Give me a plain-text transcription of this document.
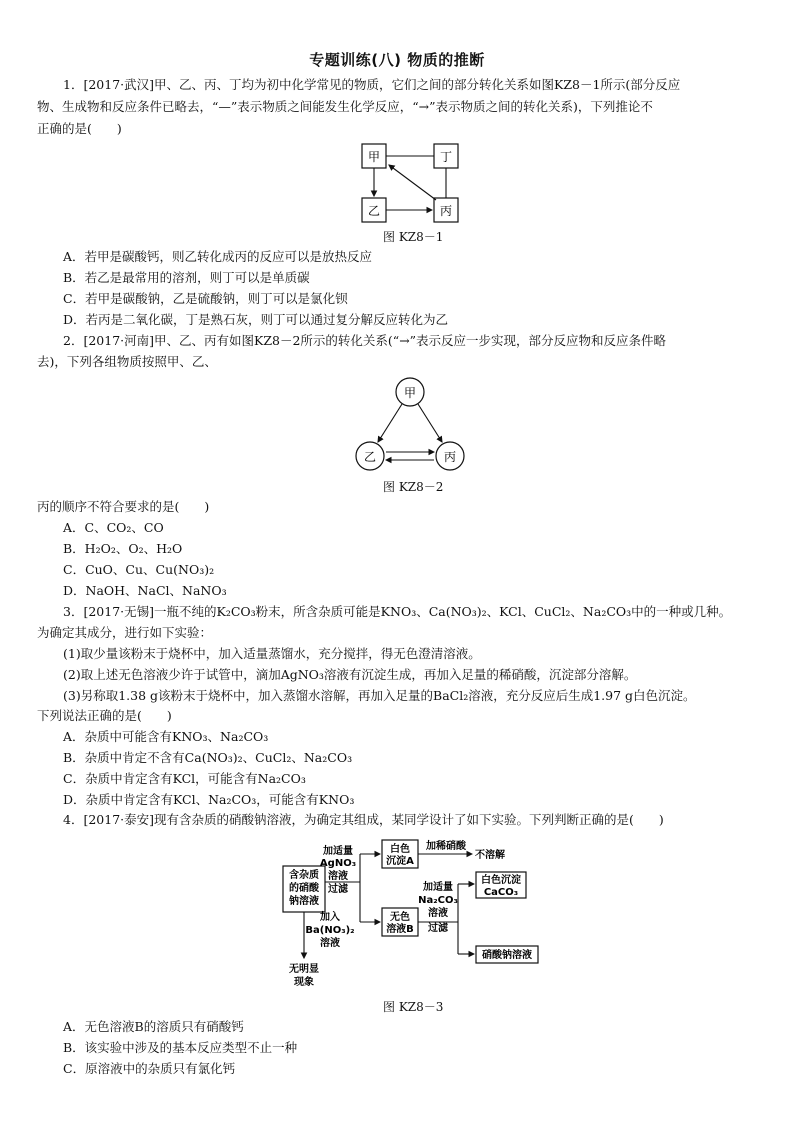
专题训练(八) 物质的推断
1．[2017·武汉]甲、乙、丙、丁均为初中化学常见的物质，它们之间的部分转化关系如图KZ8－1所示(部分反应
物、生成物和反应条件已略去，“—”表示物质之间能发生化学反应，“→”表示物质之间的转化关系)，下列推论不
正确的是(　　)
甲	丁
乙	丙
图 KZ8－1
A．若甲是碳酸钙，则乙转化成丙的反应可以是放热反应
B．若乙是最常用的溶剂，则丁可以是单质碳
C．若甲是碳酸钠，乙是硫酸钠，则丁可以是氯化钡
D．若丙是二氧化碳，丁是熟石灰，则丁可以通过复分解反应转化为乙
2．[2017·河南]甲、乙、丙有如图KZ8－2所示的转化关系(“→”表示反应一步实现，部分反应物和反应条件略
去)，下列各组物质按照甲、乙、
甲
乙	丙
图 KZ8－2
丙的顺序不符合要求的是(　　)
A．C、CO₂、CO
B．H₂O₂、O₂、H₂O
C．CuO、Cu、Cu(NO₃)₂
D．NaOH、NaCl、NaNO₃
3．[2017·无锡]一瓶不纯的K₂CO₃粉末，所含杂质可能是KNO₃、Ca(NO₃)₂、KCl、CuCl₂、Na₂CO₃中的一种或几种。
为确定其成分，进行如下实验：
(1)取少量该粉末于烧杯中，加入适量蒸馏水，充分搅拌，得无色澄清溶液。
(2)取上述无色溶液少许于试管中，滴加AgNO₃溶液有沉淀生成，再加入足量的稀硝酸，沉淀部分溶解。
(3)另称取1.38 g该粉末于烧杯中，加入蒸馏水溶解，再加入足量的BaCl₂溶液，充分反应后生成1.97 g白色沉淀。
下列说法正确的是(　　)
A．杂质中可能含有KNO₃、Na₂CO₃
B．杂质中肯定不含有Ca(NO₃)₂、CuCl₂、Na₂CO₃
C．杂质中肯定含有KCl，可能含有Na₂CO₃
D．杂质中肯定含有KCl、Na₂CO₃，可能含有KNO₃
4．[2017·泰安]现有含杂质的硝酸钠溶液，为确定其组成，某同学设计了如下实验。下列判断正确的是(　　)
含杂质
的硝酸
钠溶液
加适量
AgNO₃
溶液
过滤
白色
沉淀A
加稀硝酸
不溶解
无色
溶液B
加适量
Na₂CO₃
溶液
过滤
白色沉淀
CaCO₃
硝酸钠溶液
加入
Ba(NO₃)₂
溶液
无明显
现象
图 KZ8－3
A．无色溶液B的溶质只有硝酸钙
B．该实验中涉及的基本反应类型不止一种
C．原溶液中的杂质只有氯化钙
